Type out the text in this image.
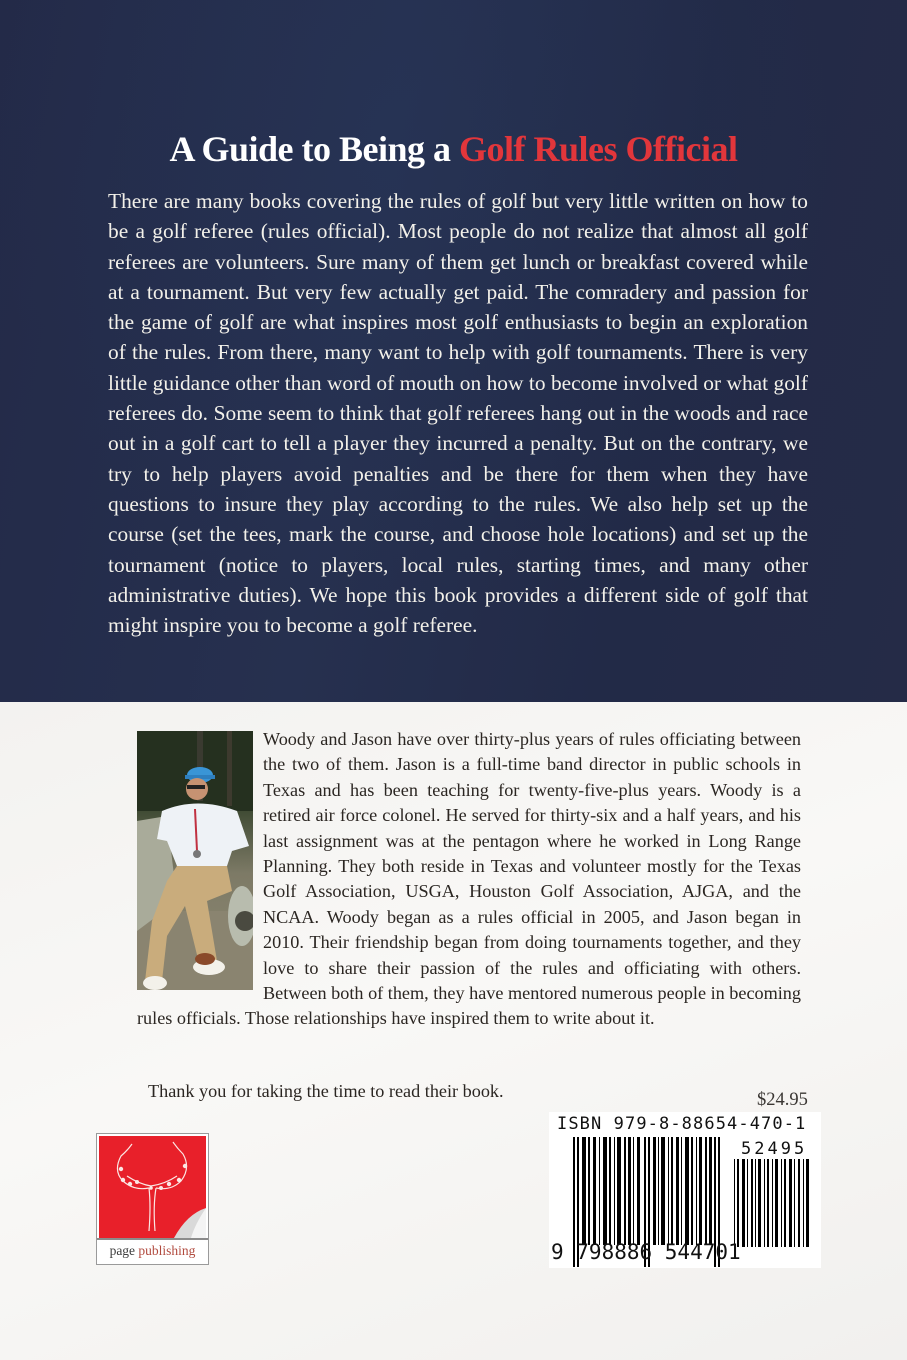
A Guide to Being a Golf Rules Official
There are many books covering the rules of golf but very little written on how to be a golf referee (rules official). Most people do not realize that almost all golf referees are volunteers. Sure many of them get lunch or breakfast covered while at a tournament. But very few actually get paid. The comradery and passion for the game of golf are what inspires most golf enthusiasts to begin an exploration of the rules. From there, many want to help with golf tournaments. There is very little guidance other than word of mouth on how to become involved or what golf referees do. Some seem to think that golf referees hang out in the woods and race out in a golf cart to tell a player they incurred a penalty. But on the contrary, we try to help players avoid penalties and be there for them when they have questions to insure they play according to the rules. We also help set up the course (set the tees, mark the course, and choose hole locations) and set up the tournament (notice to players, local rules, starting times, and many other administrative duties). We hope this book provides a different side of golf that might inspire you to become a golf referee.
Woody and Jason have over thirty-plus years of rules officiating between the two of them. Jason is a full-time band director in public schools in Texas and has been teaching for twenty-five-plus years. Woody is a retired air force colonel. He served for thirty-six and a half years, and his last assignment was at the pentagon where he worked in Long Range Planning. They both reside in Texas and volunteer mostly for the Texas Golf Association, USGA, Houston Golf Association, AJGA, and the NCAA. Woody began as a rules official in 2005, and Jason began in 2010. Their friendship began from doing tournaments together, and they love to share their passion of the rules and officiating with others. Between both of them, they have mentored numerous people in becoming rules officials. Those relationships have inspired them to write about it.
Thank you for taking the time to read their book.	$24.95
ISBN 979-8-88654-470-1
52495
9 798886 544701
page publishing
